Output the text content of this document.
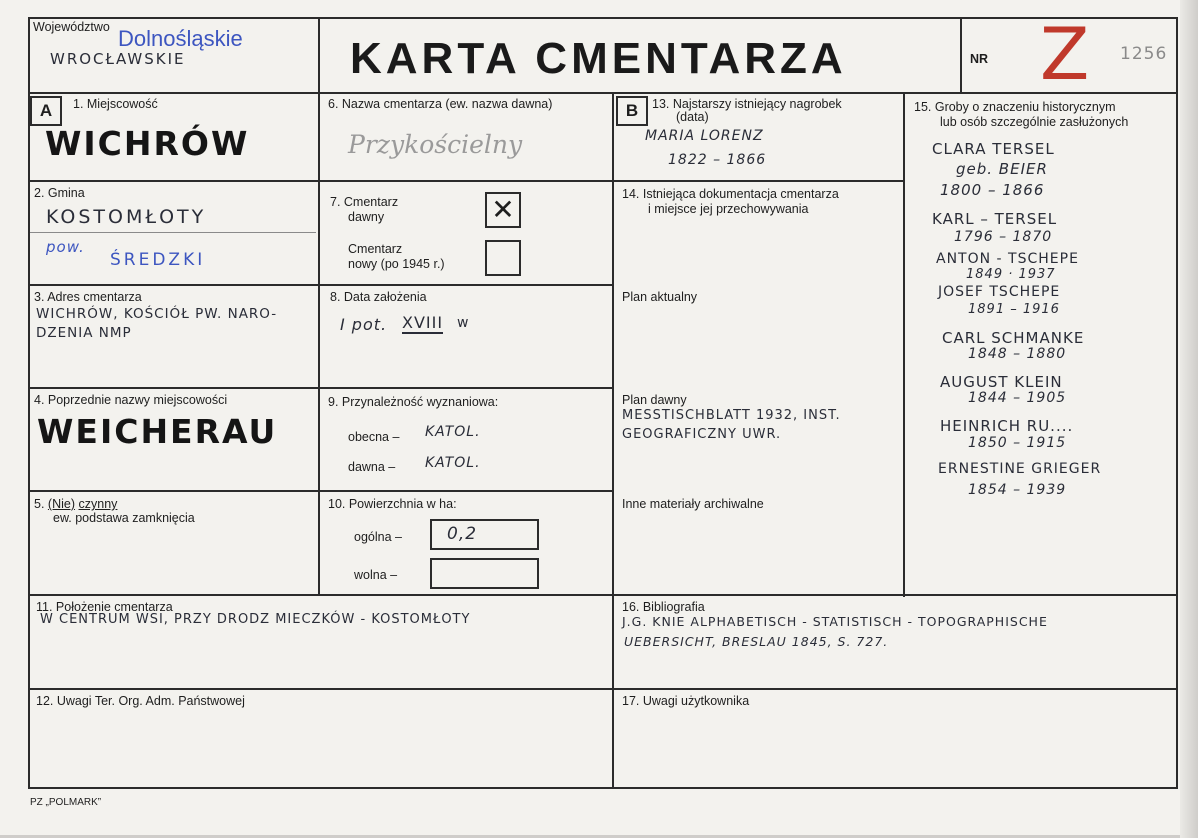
Województwo Dolnośląskie
WROCŁAWSKIE	KARTA CMENTARZA	NR Z 1256
A	1. Miejscowość
WICHRÓW
2. Gmina
KOSTOMŁOTY
pow.
ŚREDZKI
3. Adres cmentarza
WICHRÓW, KOŚCIÓŁ PW. NARO-
DZENIA NMP
4. Poprzednie nazwy miejscowości
WEICHERAU
5. (Nie) czynny
ew. podstawa zamknięcia
6. Nazwa cmentarza (ew. nazwa dawna)
Przykościelny
7. Cmentarz
dawny	✕
Cmentarz
nowy (po 1945 r.)
8. Data założenia
I pot. XVIII w
9. Przynależność wyznaniowa:
obecna – KATOL.
dawna – KATOL.
10. Powierzchnia w ha:
ogólna –	0,2
wolna –
B	13. Najstarszy istniejący nagrobek
(data)
MARIA LORENZ
1822 – 1866
14. Istniejąca dokumentacja cmentarza
i miejsce jej przechowywania
Plan aktualny
Plan dawny
MESSTISCHBLATT 1932, INST.
GEOGRAFICZNY UWR.
Inne materiały archiwalne
15. Groby o znaczeniu historycznym
lub osób szczególnie zasłużonych
CLARA TERSEL
geb. BEIER
1800 – 1866
KARL – TERSEL
1796 – 1870
ANTON - TSCHEPE
1849 · 1937
JOSEF TSCHEPE
1891 – 1916
CARL SCHMANKE
1848 – 1880
AUGUST KLEIN
1844 – 1905
HEINRICH RU....
1850 – 1915
ERNESTINE GRIEGER
1854 – 1939
11. Położenie cmentarza
W CENTRUM WSI, PRZY DRODZ MIECZKÓW - KOSTOMŁOTY
16. Bibliografia
J.G. KNIE ALPHABETISCH - STATISTISCH - TOPOGRAPHISCHE
UEBERSICHT, BRESLAU 1845, S. 727.
12. Uwagi Ter. Org. Adm. Państwowej	17. Uwagi użytkownika
PZ „POLMARK”
